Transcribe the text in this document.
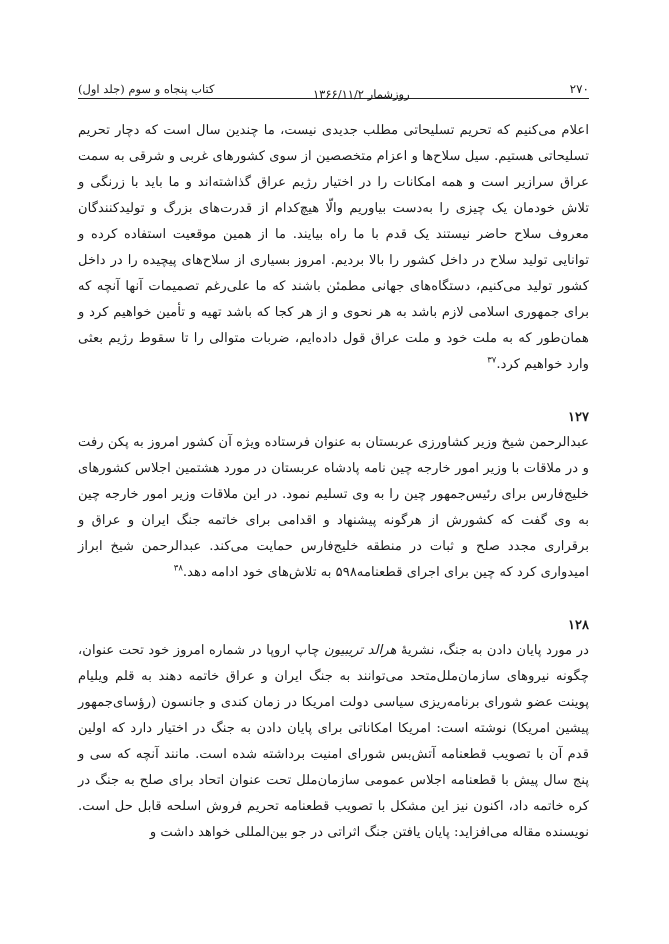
کتاب پنجاه و سوم (جلد اول)	روزشمار ۱۳۶۶/۱۱/۲	۲۷۰

اعلام می‌کنیم که تحریم تسلیحاتی مطلب جدیدی نیست، ما چندین سال است که دچار تحریم تسلیحاتی هستیم. سیل سلاح‌ها و اعزام متخصصین از سوی کشورهای غربی و شرقی به سمت عراق سرازیر است و همه امکانات را در اختیار رژیم عراق گذاشته‌اند و ما باید با زرنگی و تلاش خودمان یک چیزی را به‌دست بیاوریم والّا هیچ‌کدام از قدرت‌های بزرگ و تولیدکنندگان معروف سلاح حاضر نیستند یک قدم با ما راه بیایند. ما از همین موقعیت استفاده کرده و توانایی تولید سلاح در داخل کشور را بالا بردیم. امروز بسیاری از سلاح‌های پیچیده را در داخل کشور تولید می‌کنیم، دستگاه‌های جهانی مطمئن باشند که ما علی‌رغم تصمیمات آنها آنچه که برای جمهوری اسلامی لازم باشد به هر نحوی و از هر کجا که باشد تهیه و تأمین خواهیم کرد و همان‌طور که به ملت خود و ملت عراق قول داده‌ایم، ضربات متوالی را تا سقوط رژیم بعثی وارد خواهیم کرد.$^{۳۷}$

۱۲۷

عبدالرحمن شیخ وزیر کشاورزی عربستان به عنوان فرستاده ویژه آن کشور امروز به پکن رفت و در ملاقات با وزیر امور خارجه چین نامه پادشاه عربستان در مورد هشتمین اجلاس کشورهای خلیج‌فارس برای رئیس‌جمهور چین را به وی تسلیم نمود. در این ملاقات وزیر امور خارجه چین به وی گفت که کشورش از هرگونه پیشنهاد و اقدامی برای خاتمه جنگ ایران و عراق و برقراری مجدد صلح و ثبات در منطقه خلیج‌فارس حمایت می‌کند. عبدالرحمن شیخ ابراز امیدواری کرد که چین برای اجرای قطعنامه۵۹۸ به تلاش‌های خود ادامه دهد.$^{۳۸}$

۱۲۸

در مورد پایان دادن به جنگ، نشریهٔ هرالد تریبیون چاپ اروپا در شماره امروز خود تحت عنوان، چگونه نیروهای سازمان‌ملل‌متحد می‌توانند به جنگ ایران و عراق خاتمه دهند به قلم ویلیام پوینت عضو شورای برنامه‌ریزی سیاسی دولت امریکا در زمان کندی و جانسون (رؤسای‌جمهور پیشین امریکا) نوشته است: امریکا امکاناتی برای پایان دادن به جنگ در اختیار دارد که اولین قدم آن با تصویب قطعنامه آتش‌بس شورای امنیت برداشته شده است. مانند آنچه که سی و پنج سال پیش با قطعنامه اجلاس عمومی سازمان‌ملل تحت عنوان اتحاد برای صلح به جنگ در کره خاتمه داد، اکنون نیز این مشکل با تصویب قطعنامه تحریم فروش اسلحه قابل حل است. نویسنده مقاله می‌افزاید: پایان یافتن جنگ اثراتی در جو بین‌المللی خواهد داشت و
